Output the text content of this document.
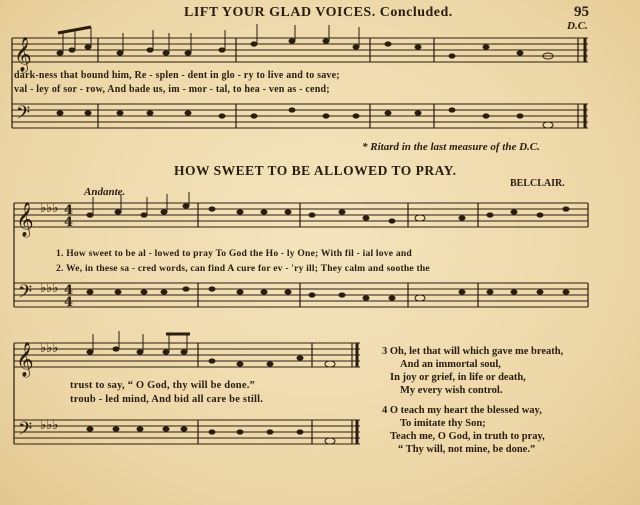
LIFT YOUR GLAD VOICES. Concluded.	95
D.C.
𝄞
𝄢
𝄞
𝄢
𝄞
𝄢
♭♭♭
♭♭♭
♭♭♭
♭♭♭
4
4
4
4
dark-ness that bound him, Re - splen - dent in glo - ry to live and to save;
val - ley of sor - row, And bade us, im - mor - tal, to hea - ven as - cend;
* Ritard in the last measure of the D.C.
HOW SWEET TO BE ALLOWED TO PRAY.
BELCLAIR.
Andante.
1. How sweet to be al - lowed to pray To God the Ho - ly One; With fil - ial love and
2. We, in these sa - cred words, can find A cure for ev - 'ry ill; They calm and soothe the
trust to say, “ O God, thy will be done.”
troub - led mind, And bid all care be still.
3 Oh, let that will which gave me breath,
And an immortal soul,
In joy or grief, in life or death,
My every wish control.
4 O teach my heart the blessed way,
To imitate thy Son;
Teach me, O God, in truth to pray,
“ Thy will, not mine, be done.”
